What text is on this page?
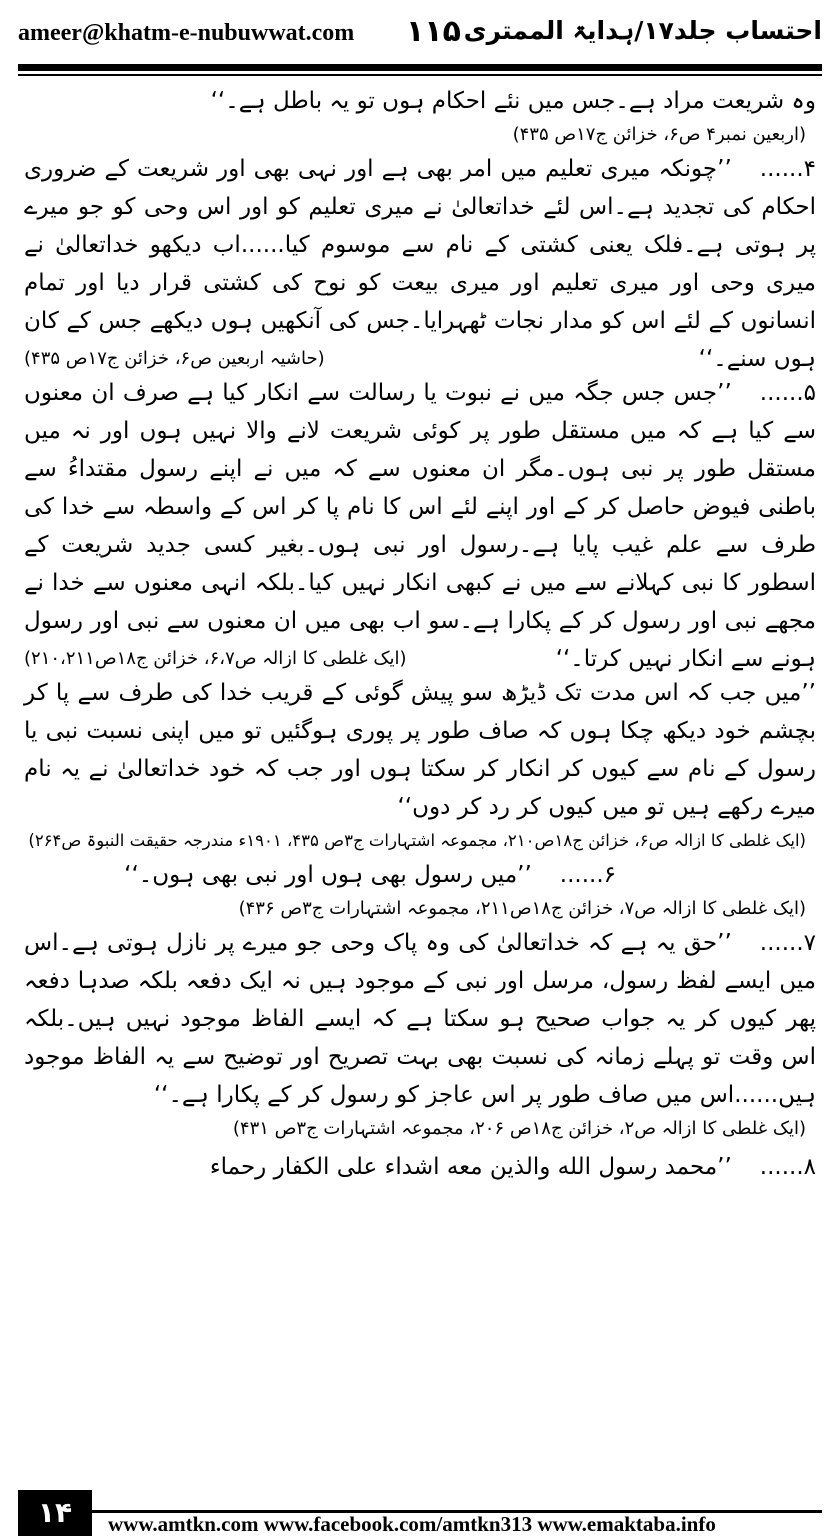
ameer@khatm-e-nubuwwat.com ۱۱۵ احتساب جلد۱۷/ہدایۃ الممتری

وہ شریعت مراد ہے۔جس میں نئے احکام ہوں تو یہ باطل ہے۔‘‘

(اربعین نمبر۴ ص۶، خزائن ج۱۷ص ۴۳۵)

۴......’’چونکہ میری تعلیم میں امر بھی ہے اور نہی بھی اور شریعت کے ضروری احکام کی تجدید ہے۔اس لئے خداتعالیٰ نے میری تعلیم کو اور اس وحی کو جو میرے پر ہوتی ہے۔فلک یعنی کشتی کے نام سے موسوم کیا......اب دیکھو خداتعالیٰ نے میری وحی اور میری تعلیم اور میری بیعت کو نوح کی کشتی قرار دیا اور تمام انسانوں کے لئے اس کو مدار نجات ٹھہرایا۔جس کی آنکھیں ہوں دیکھے جس کے کان ہوں سنے۔‘‘

(حاشیہ اربعین ص۶، خزائن ج۱۷ص ۴۳۵)

۵......’’جس جس جگہ میں نے نبوت یا رسالت سے انکار کیا ہے صرف ان معنوں سے کیا ہے کہ میں مستقل طور پر کوئی شریعت لانے والا نہیں ہوں اور نہ میں مستقل طور پر نبی ہوں۔مگر ان معنوں سے کہ میں نے اپنے رسول مقتداءُ سے باطنی فیوض حاصل کر کے اور اپنے لئے اس کا نام پا کر اس کے واسطہ سے خدا کی طرف سے علم غیب پایا ہے۔رسول اور نبی ہوں۔بغیر کسی جدید شریعت کے اسطور کا نبی کہلانے سے میں نے کبھی انکار نہیں کیا۔بلکہ انہی معنوں سے خدا نے مجھے نبی اور رسول کر کے پکارا ہے۔سو اب بھی میں ان معنوں سے نبی اور رسول ہونے سے انکار نہیں کرتا۔‘‘

(ایک غلطی کا ازالہ ص۶،۷، خزائن ج۱۸ص۲۱۰،۲۱۱)

’’میں جب کہ اس مدت تک ڈیڑھ سو پیش گوئی کے قریب خدا کی طرف سے پا کر بچشم خود دیکھ چکا ہوں کہ صاف طور پر پوری ہوگئیں تو میں اپنی نسبت نبی یا رسول کے نام سے کیوں کر انکار کر سکتا ہوں اور جب کہ خود خداتعالیٰ نے یہ نام میرے رکھے ہیں تو میں کیوں کر رد کر دوں‘‘

(ایک غلطی کا ازالہ ص۶، خزائن ج۱۸ص۲۱۰، مجموعہ اشتہارات ج۳ص ۴۳۵، ۱۹۰۱ء مندرجہ حقیقت النبوۃ ص۲۶۴)

۶......’’میں رسول بھی ہوں اور نبی بھی ہوں۔‘‘

(ایک غلطی کا ازالہ ص۷، خزائن ج۱۸ص۲۱۱، مجموعہ اشتہارات ج۳ص ۴۳۶)

۷......’’حق یہ ہے کہ خداتعالیٰ کی وہ پاک وحی جو میرے پر نازل ہوتی ہے۔اس میں ایسے لفظ رسول، مرسل اور نبی کے موجود ہیں نہ ایک دفعہ بلکہ صدہا دفعہ پھر کیوں کر یہ جواب صحیح ہو سکتا ہے کہ ایسے الفاظ موجود نہیں ہیں۔بلکہ اس وقت تو پہلے زمانہ کی نسبت بھی بہت تصریح اور توضیح سے یہ الفاظ موجود ہیں......اس میں صاف طور پر اس عاجز کو رسول کر کے پکارا ہے۔‘‘

(ایک غلطی کا ازالہ ص۲، خزائن ج۱۸ص ۲۰۶، مجموعہ اشتہارات ج۳ص ۴۳۱)

۸......’’محمد رسول الله والذین معه اشداء علی الکفار رحماء

۱۴	www.amtkn.com www.facebook.com/amtkn313 www.emaktaba.info
